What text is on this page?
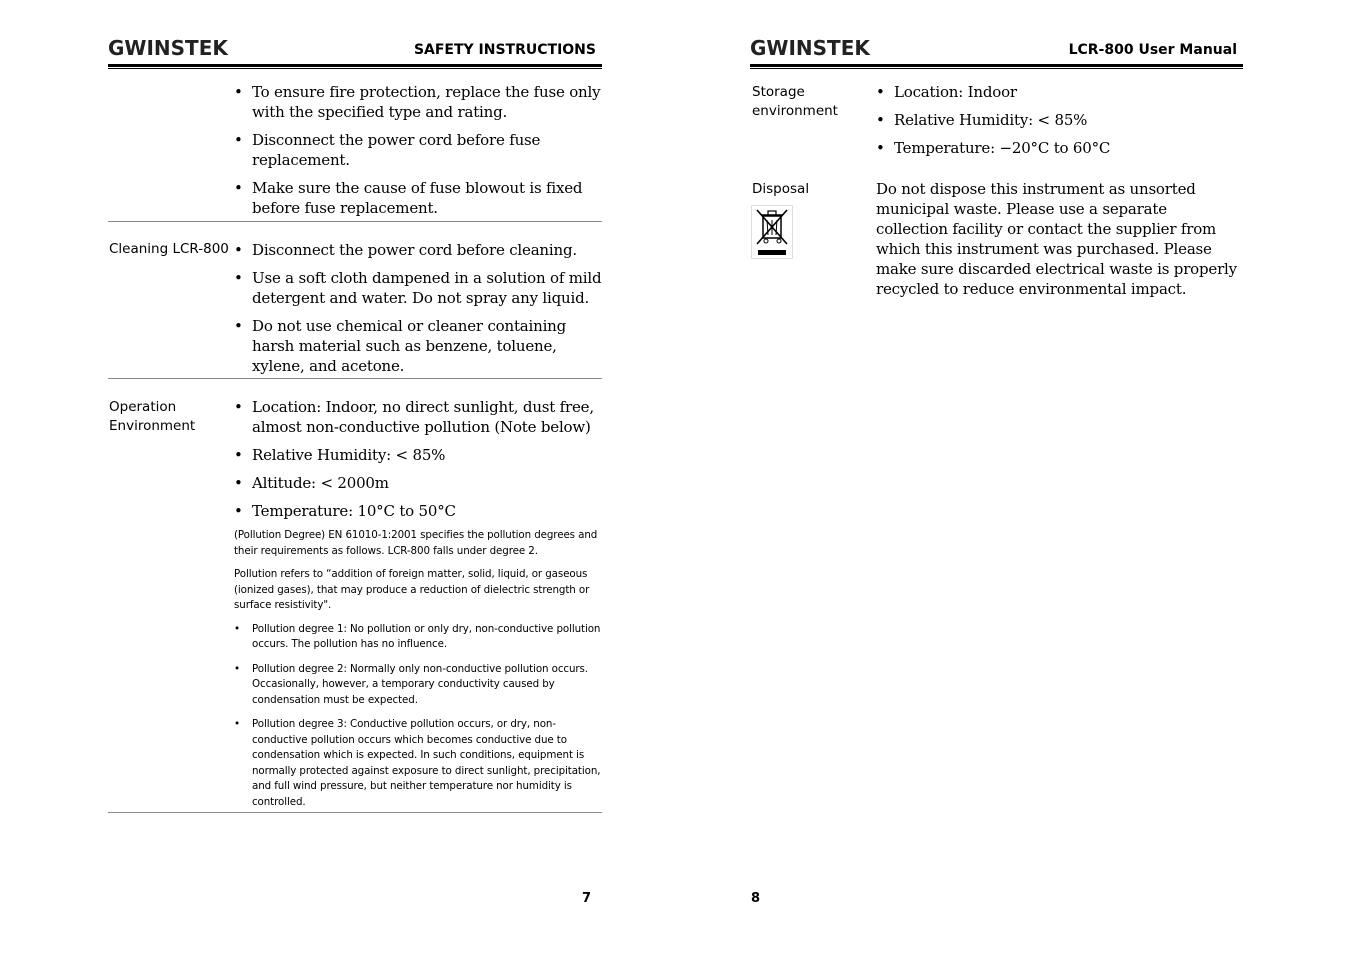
GWINSTEK	SAFETY INSTRUCTIONS
• To ensure fire protection, replace the fuse only with the specified type and rating.
• Disconnect the power cord before fuse replacement.
• Make sure the cause of fuse blowout is fixed before fuse replacement.
Cleaning LCR-800
•	Disconnect the power cord before cleaning.
• Use a soft cloth dampened in a solution of mild detergent and water. Do not spray any liquid.
• Do not use chemical or cleaner containing harsh material such as benzene, toluene, xylene, and acetone.
Operation
Environment
• Location: Indoor, no direct sunlight, dust free, almost non-conductive pollution (Note below)
• Relative Humidity: < 85%
• Altitude: < 2000m
• Temperature: 10°C to 50°C

(Pollution Degree) EN 61010-1:2001 specifies the pollution degrees and their requirements as follows. LCR-800 falls under degree 2.

Pollution refers to “addition of foreign matter, solid, liquid, or gaseous (ionized gases), that may produce a reduction of dielectric strength or surface resistivity".

• Pollution degree 1: No pollution or only dry, non-conductive pollution occurs. The pollution has no influence.
• Pollution degree 2: Normally only non-conductive pollution occurs. Occasionally, however, a temporary conductivity caused by condensation must be expected.
• Pollution degree 3: Conductive pollution occurs, or dry, non-conductive pollution occurs which becomes conductive due to condensation which is expected. In such conditions, equipment is normally protected against exposure to direct sunlight, precipitation, and full wind pressure, but neither temperature nor humidity is controlled.
7
GWINSTEK	LCR-800 User Manual
Storage
environment
• Location: Indoor
• Relative Humidity: < 85%
• Temperature: −20°C to 60°C
Disposal	Do not dispose this instrument as unsorted municipal waste. Please use a separate collection facility or contact the supplier from which this instrument was purchased. Please make sure discarded electrical waste is properly recycled to reduce environmental impact.

8
